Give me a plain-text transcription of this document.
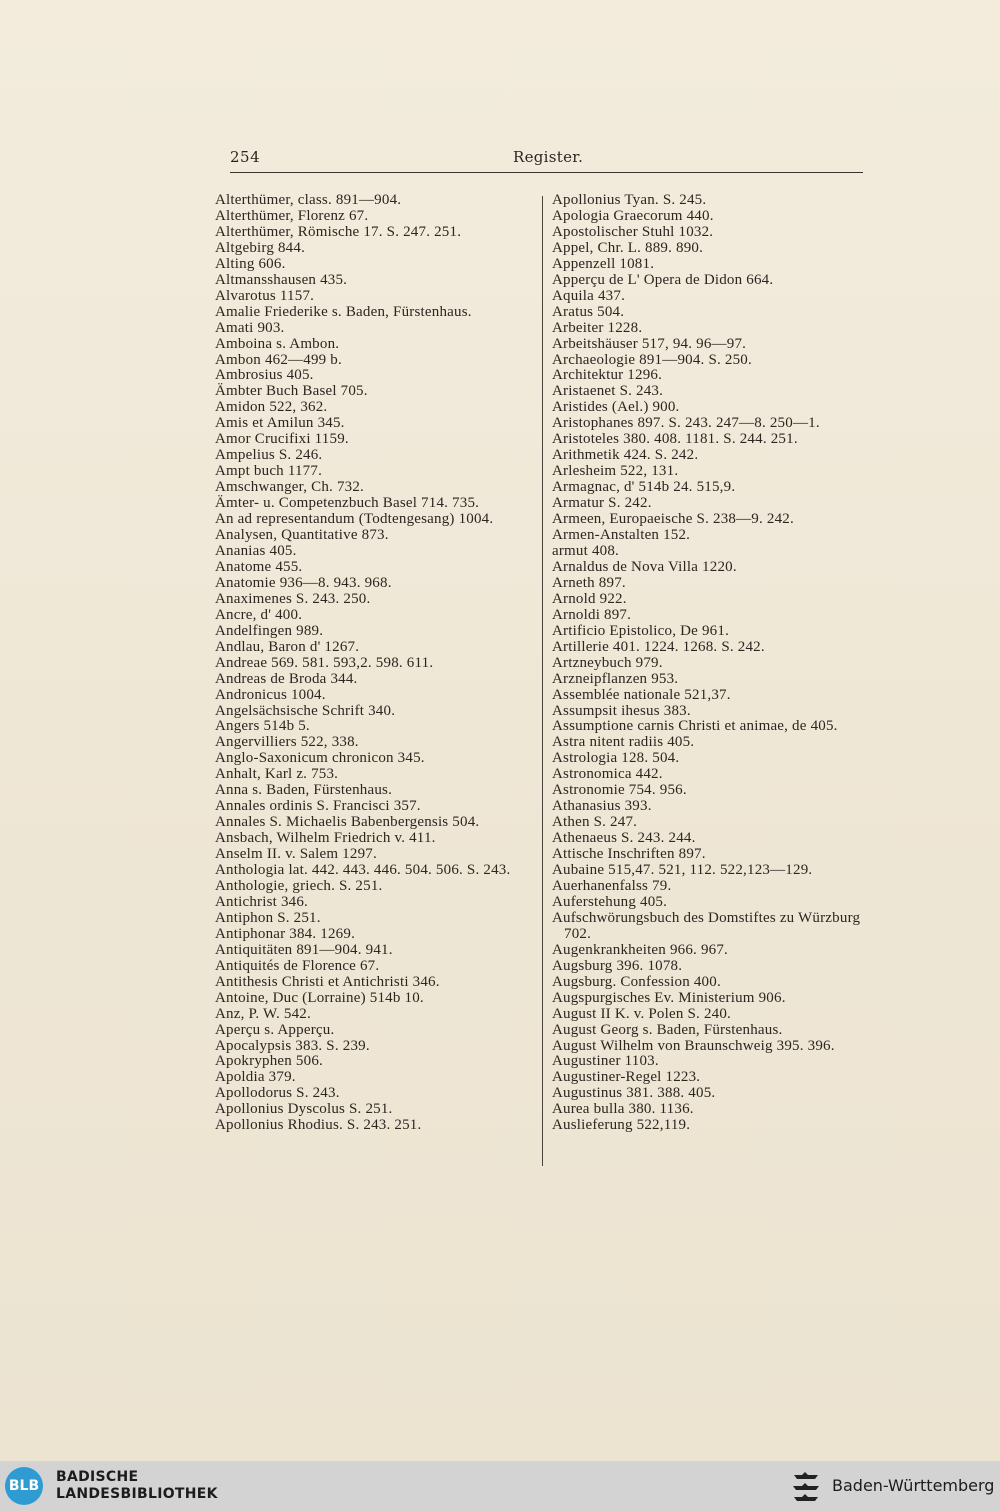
254	Register.
Alterthümer, class. 891—904.
Alterthümer, Florenz 67.
Alterthümer, Römische 17. S. 247. 251.
Altgebirg 844.
Alting 606.
Altmansshausen 435.
Alvarotus 1157.
Amalie Friederike s. Baden, Fürstenhaus.
Amati 903.
Amboina s. Ambon.
Ambon 462—499 b.
Ambrosius 405.
Ämbter Buch Basel 705.
Amidon 522, 362.
Amis et Amilun 345.
Amor Crucifixi 1159.
Ampelius S. 246.
Ampt buch 1177.
Amschwanger, Ch. 732.
Ämter- u. Competenzbuch Basel 714. 735.
An ad representandum (Todtengesang) 1004.
Analysen, Quantitative 873.
Ananias 405.
Anatome 455.
Anatomie 936—8. 943. 968.
Anaximenes S. 243. 250.
Ancre, d' 400.
Andelfingen 989.
Andlau, Baron d' 1267.
Andreae 569. 581. 593,2. 598. 611.
Andreas de Broda 344.
Andronicus 1004.
Angelsächsische Schrift 340.
Angers 514b 5.
Angervilliers 522, 338.
Anglo-Saxonicum chronicon 345.
Anhalt, Karl z. 753.
Anna s. Baden, Fürstenhaus.
Annales ordinis S. Francisci 357.
Annales S. Michaelis Babenbergensis 504.
Ansbach, Wilhelm Friedrich v. 411.
Anselm II. v. Salem 1297.
Anthologia lat. 442. 443. 446. 504. 506. S. 243.
Anthologie, griech. S. 251.
Antichrist 346.
Antiphon S. 251.
Antiphonar 384. 1269.
Antiquitäten 891—904. 941.
Antiquités de Florence 67.
Antithesis Christi et Antichristi 346.
Antoine, Duc (Lorraine) 514b 10.
Anz, P. W. 542.
Aperçu s. Apperçu.
Apocalypsis 383. S. 239.
Apokryphen 506.
Apoldia 379.
Apollodorus S. 243.
Apollonius Dyscolus S. 251.
Apollonius Rhodius. S. 243. 251.
Apollonius Tyan. S. 245.
Apologia Graecorum 440.
Apostolischer Stuhl 1032.
Appel, Chr. L. 889. 890.
Appenzell 1081.
Apperçu de L' Opera de Didon 664.
Aquila 437.
Aratus 504.
Arbeiter 1228.
Arbeitshäuser 517, 94. 96—97.
Archaeologie 891—904. S. 250.
Architektur 1296.
Aristaenet S. 243.
Aristides (Ael.) 900.
Aristophanes 897. S. 243. 247—8. 250—1.
Aristoteles 380. 408. 1181. S. 244. 251.
Arithmetik 424. S. 242.
Arlesheim 522, 131.
Armagnac, d' 514b 24. 515,9.
Armatur S. 242.
Armeen, Europaeische S. 238—9. 242.
Armen-Anstalten 152.
armut 408.
Arnaldus de Nova Villa 1220.
Arneth 897.
Arnold 922.
Arnoldi 897.
Artificio Epistolico, De 961.
Artillerie 401. 1224. 1268. S. 242.
Artzneybuch 979.
Arzneipflanzen 953.
Assemblée nationale 521,37.
Assumpsit ihesus 383.
Assumptione carnis Christi et animae, de 405.
Astra nitent radiis 405.
Astrologia 128. 504.
Astronomica 442.
Astronomie 754. 956.
Athanasius 393.
Athen S. 247.
Athenaeus S. 243. 244.
Attische Inschriften 897.
Aubaine 515,47. 521, 112. 522,123—129.
Auerhanenfalss 79.
Auferstehung 405.
Aufschwörungsbuch des Domstiftes zu Würzburg 702.
Augenkrankheiten 966. 967.
Augsburg 396. 1078.
Augsburg. Confession 400.
Augspurgisches Ev. Ministerium 906.
August II K. v. Polen S. 240.
August Georg s. Baden, Fürstenhaus.
August Wilhelm von Braunschweig 395. 396.
Augustiner 1103.
Augustiner-Regel 1223.
Augustinus 381. 388. 405.
Aurea bulla 380. 1136.
Auslieferung 522,119.
BLB
BADISCHE
LANDESBIBLIOTHEK	Baden-Württemberg
